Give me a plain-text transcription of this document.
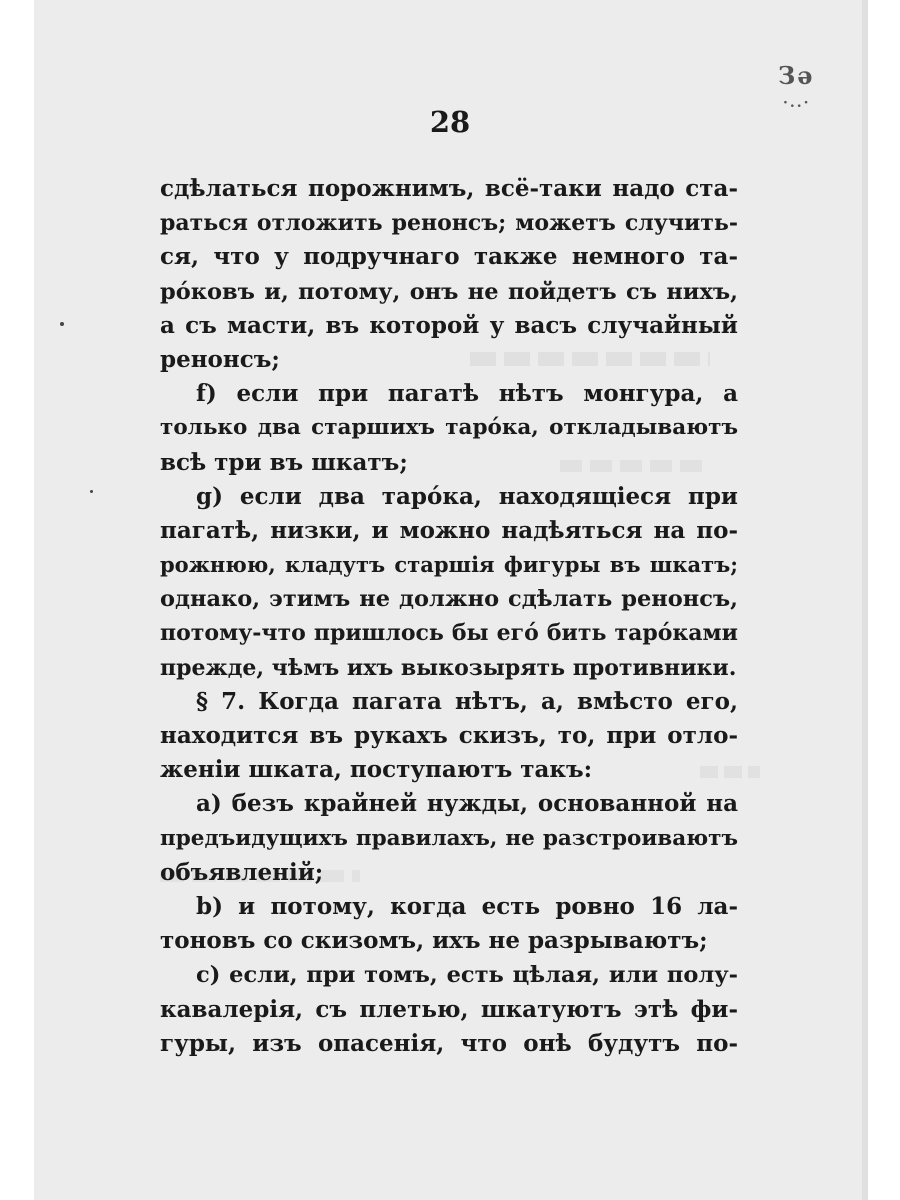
Зә
·..·
28
сдѣлаться порожнимъ, всё-таки надо ста-
раться отложить ренонсъ; можетъ случить-
ся, что у подручнаго также немного та-
ро́ковъ и, потому, онъ не пойдетъ съ нихъ,
а съ масти, въ которой у васъ случайный
ренонсъ;
f) если при пагатѣ нѣтъ монгура, а
только два старшихъ таро́ка, откладываютъ
всѣ три въ шкатъ;
g) если два таро́ка, находящіеся при
пагатѣ, низки, и можно надѣяться на по-
рожнюю, кладутъ старшія фигуры въ шкатъ;
однако, этимъ не должно сдѣлать ренонсъ,
потому-что пришлось бы его́ бить таро́ками
прежде, чѣмъ ихъ выкозырять противники.
§ 7. Когда пагата нѣтъ, а, вмѣсто его,
находится въ рукахъ скизъ, то, при отло-
женіи шката, поступаютъ такъ:
а) безъ крайней нужды, основанной на
предъидущихъ правилахъ, не разстроиваютъ
объявленій;
b) и потому, когда есть ровно 16 ла-
тоновъ со скизомъ, ихъ не разрываютъ;
с) если, при томъ, есть цѣлая, или полу-
кавалерія, съ плетью, шкатуютъ этѣ фи-
гуры, изъ опасенія, что онѣ будутъ по-
